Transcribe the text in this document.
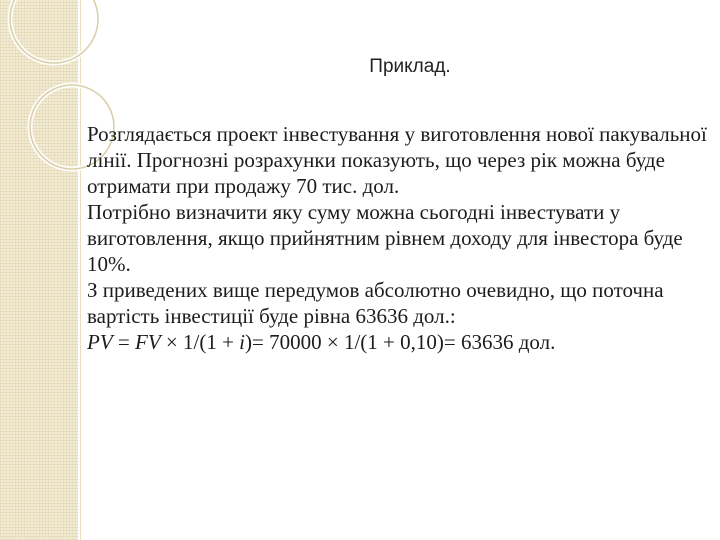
Приклад.

Розглядається проект інвестування у виготовлення нової пакувальної лінії. Прогнозні розрахунки показують, що через рік можна буде отримати при продажу 70 тис. дол.

Потрібно визначити яку суму можна сьогодні інвестувати у виготовлення, якщо прийнятним рівнем доходу для інвестора буде 10%.

З приведених вище передумов абсолютно очевидно, що поточна вартість інвестиції буде рівна 63636 дол.:

PV = FV × 1/(1 + i)= 70000 × 1/(1 + 0,10)= 63636 дол.
